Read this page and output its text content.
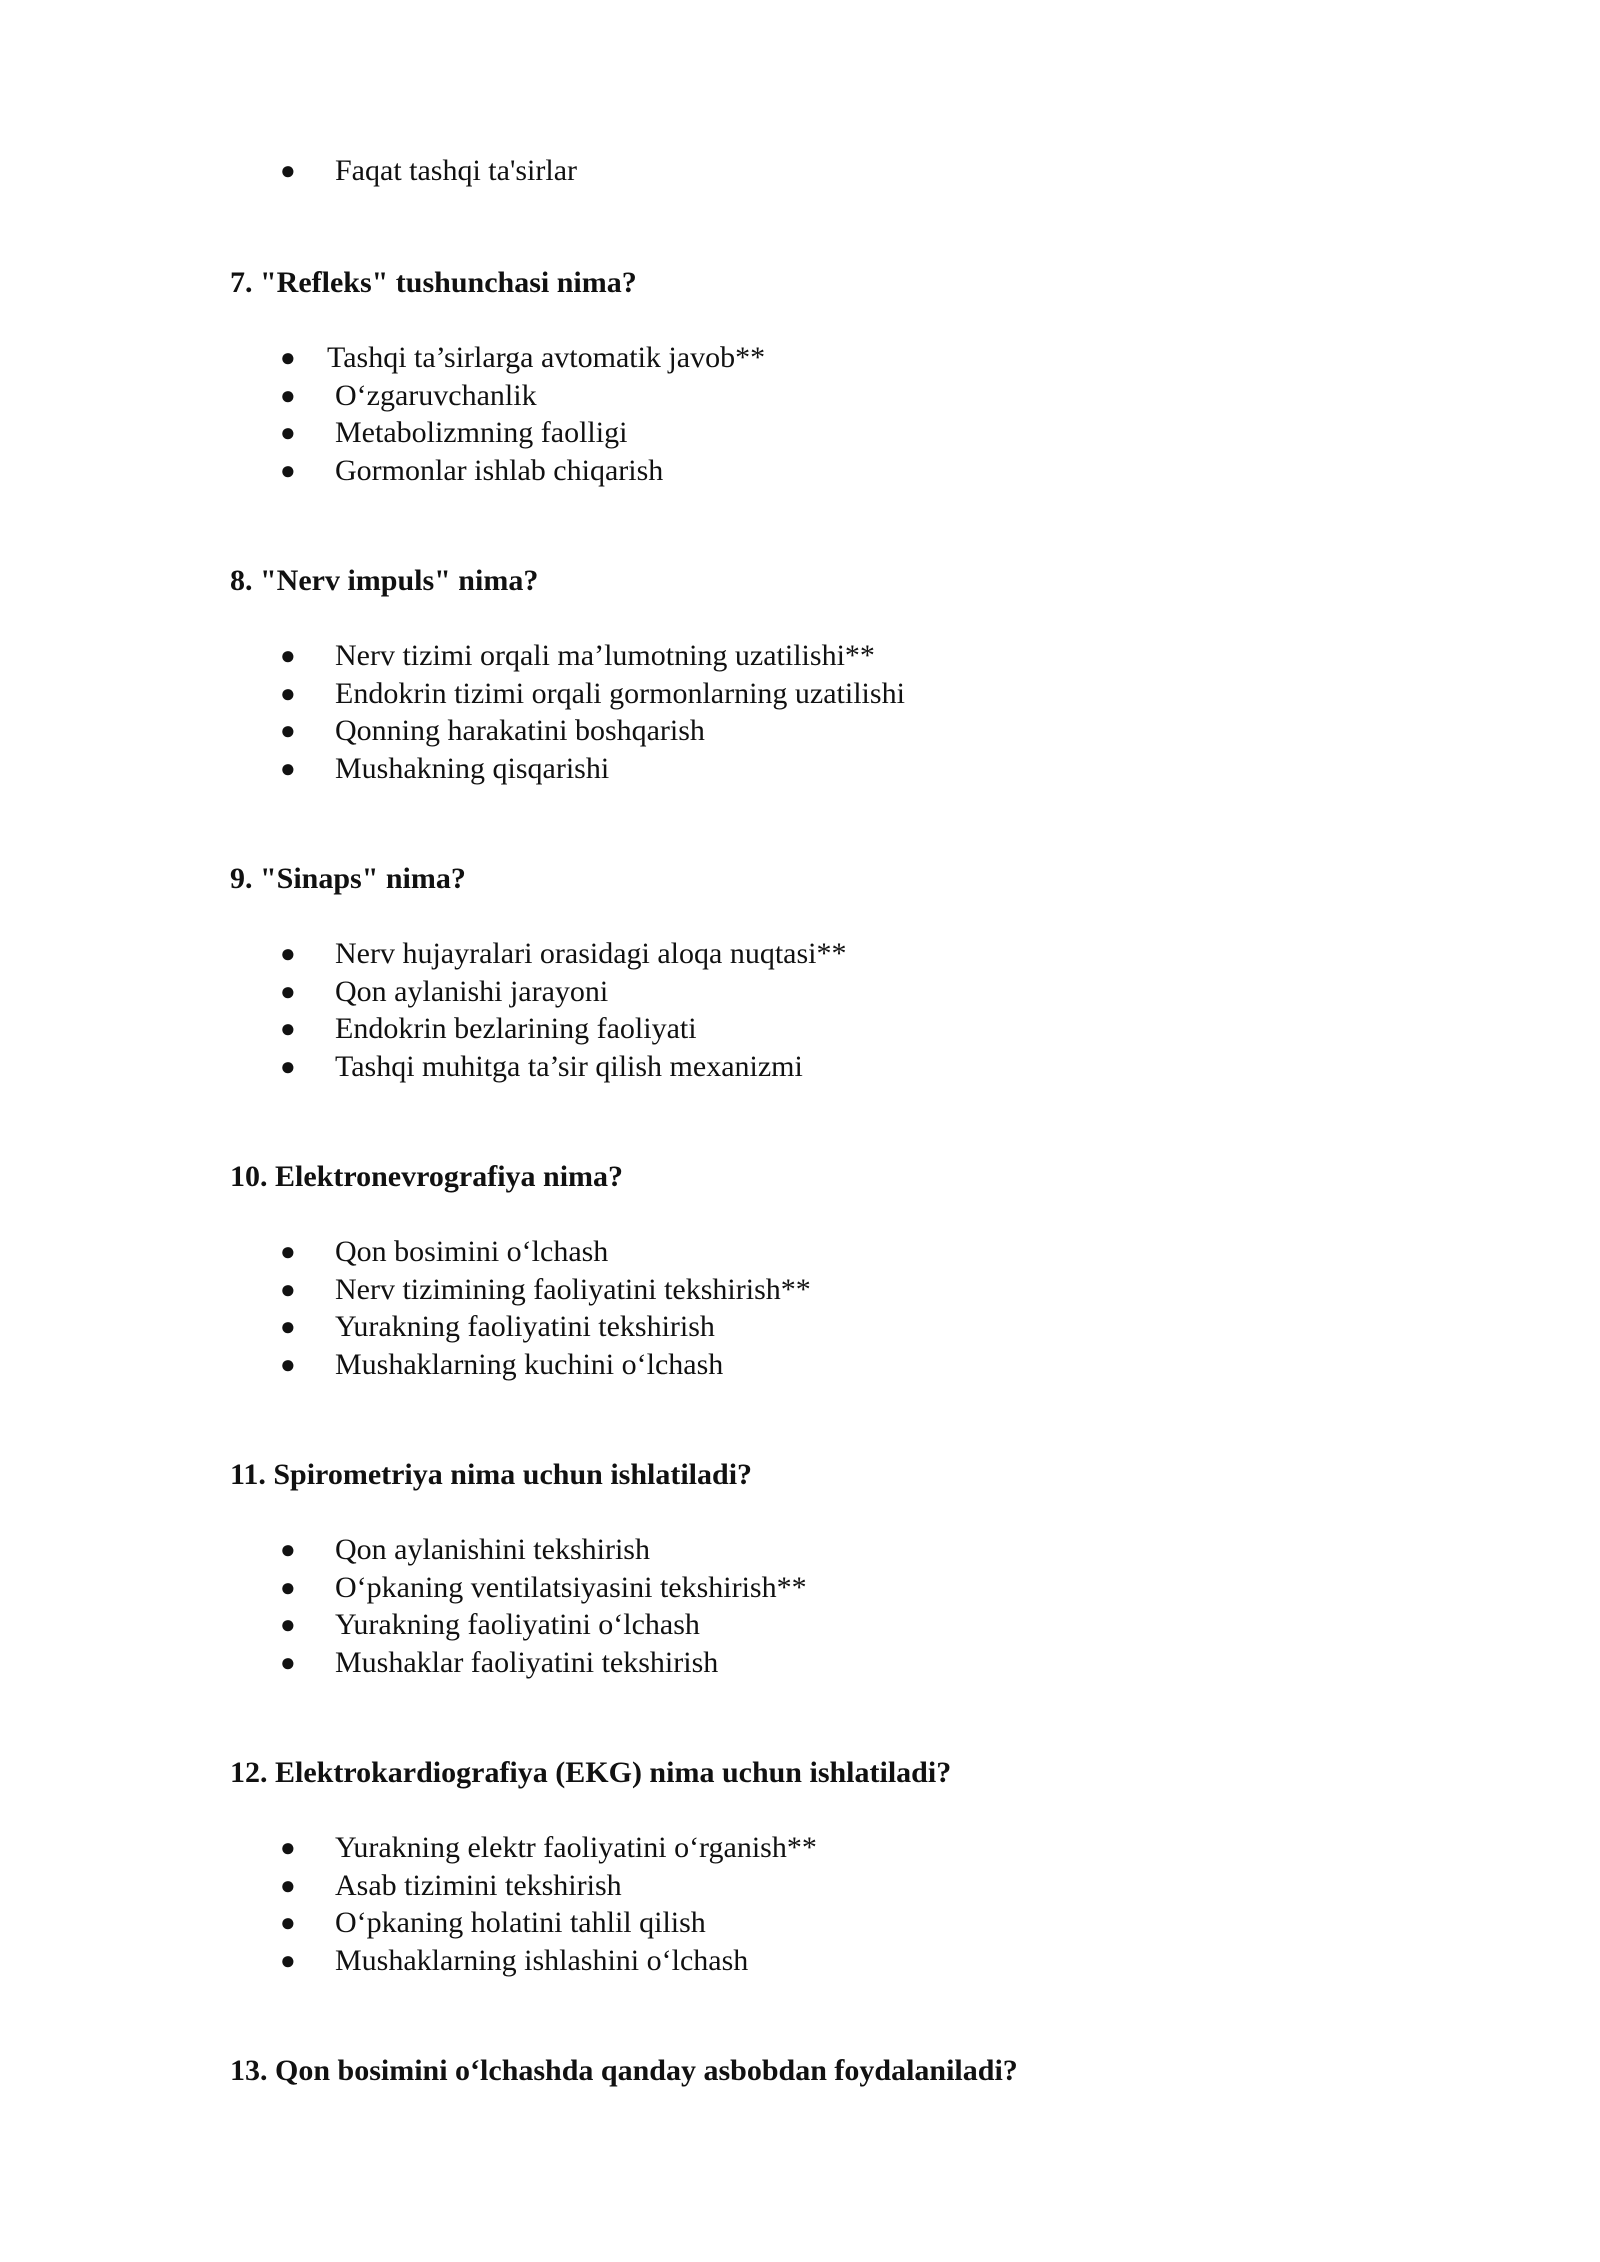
● Faqat tashqi ta'sirlar

7. "Refleks" tushunchasi nima?

● Tashqi ta’sirlarga avtomatik javob**
● O‘zgaruvchanlik
● Metabolizmning faolligi
● Gormonlar ishlab chiqarish

8. "Nerv impuls" nima?

● Nerv tizimi orqali ma’lumotning uzatilishi**
● Endokrin tizimi orqali gormonlarning uzatilishi
● Qonning harakatini boshqarish
● Mushakning qisqarishi

9. "Sinaps" nima?

● Nerv hujayralari orasidagi aloqa nuqtasi**
● Qon aylanishi jarayoni
● Endokrin bezlarining faoliyati
● Tashqi muhitga ta’sir qilish mexanizmi

10. Elektronevrografiya nima?

● Qon bosimini o‘lchash
● Nerv tizimining faoliyatini tekshirish**
● Yurakning faoliyatini tekshirish
● Mushaklarning kuchini o‘lchash

11. Spirometriya nima uchun ishlatiladi?

● Qon aylanishini tekshirish
● O‘pkaning ventilatsiyasini tekshirish**
● Yurakning faoliyatini o‘lchash
● Mushaklar faoliyatini tekshirish

12. Elektrokardiografiya (EKG) nima uchun ishlatiladi?

● Yurakning elektr faoliyatini o‘rganish**
● Asab tizimini tekshirish
● O‘pkaning holatini tahlil qilish
● Mushaklarning ishlashini o‘lchash

13. Qon bosimini o‘lchashda qanday asbobdan foydalaniladi?
